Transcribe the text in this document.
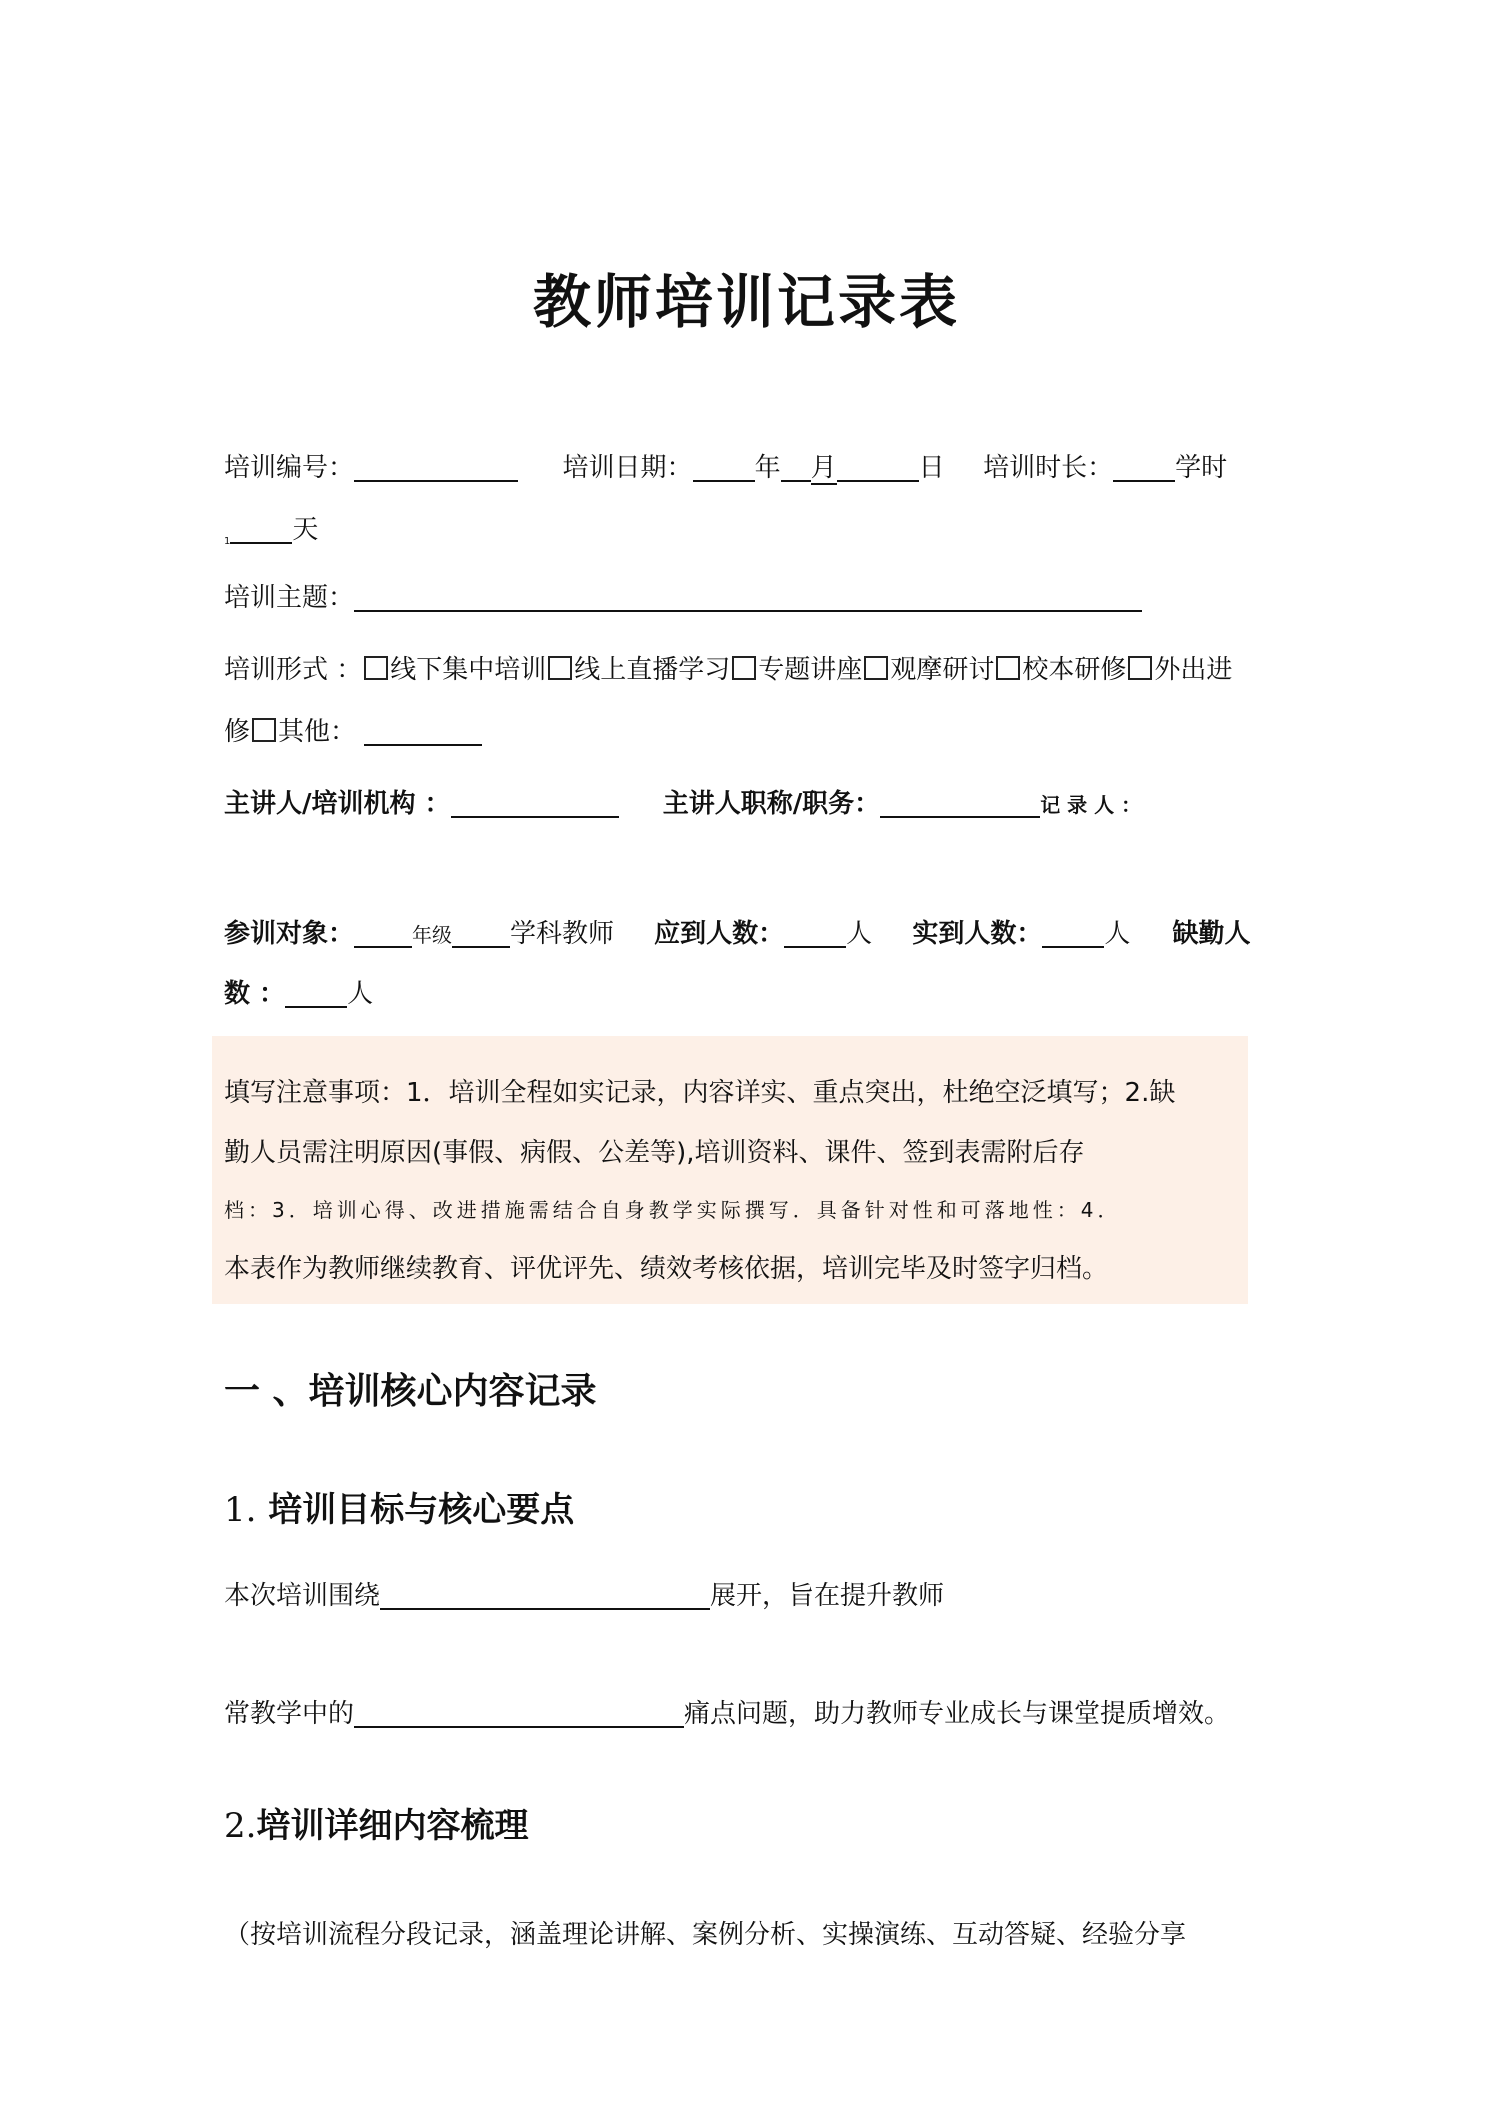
教师培训记录表
培训编号：	培训日期： 年 月	日 培训时长： 学时
$_1$ 天
培训主题：
培训形式 ： 线下集中培训 线上直播学习 专题讲座 观摩研讨 校本研修 外出进
修 其他：
主讲人/培训机构 ：	主讲人职称/职务：	记 录 人 ：
参训对象：	年级 学科教师 应到人数： 人 实到人数： 人 缺勤人
数 ： 人
填写注意事项：1．培训全程如实记录，内容详实、重点突出，杜绝空泛填写；2.缺
勤人员需注明原因(事假、病假、公差等),培训资料、课件、签到表需附后存
档：3．培训心得、改进措施需结合自身教学实际撰写．具备针对性和可落地性：4．
本表作为教师继续教育、评优评先、绩效考核依据，培训完毕及时签字归档。
一 、培训核心内容记录
1. 培训目标与核心要点
本次培训围绕	展开，旨在提升教师
常教学中的	痛点问题，助力教师专业成长与课堂提质增效。
2.培训详细内容梳理
（按培训流程分段记录，涵盖理论讲解、案例分析、实操演练、互动答疑、经验分享
